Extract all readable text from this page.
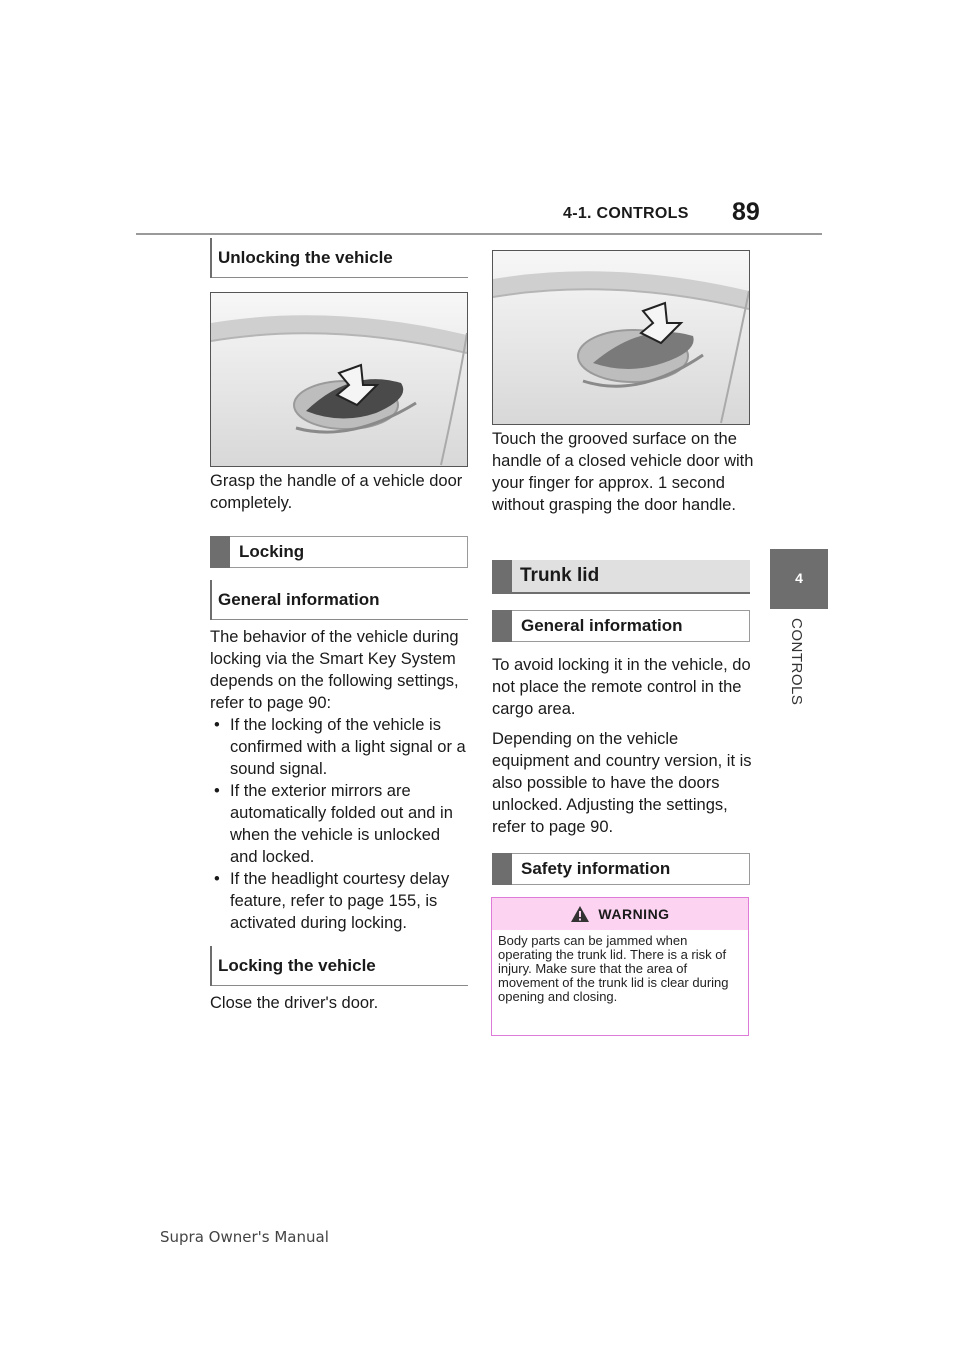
4-1. CONTROLS 89
4
CONTROLS
Unlocking the vehicle

Grasp the handle of a vehicle door completely.

Locking
General information

The behavior of the vehicle during locking via the Smart Key System depends on the following settings, refer to page 90:

• If the locking of the vehicle is confirmed with a light signal or a sound signal.
• If the exterior mirrors are automatically folded out and in when the vehicle is unlocked and locked.
• If the headlight courtesy delay feature, refer to page 155, is activated during locking.
Locking the vehicle

Close the driver's door.

Touch the grooved surface on the handle of a closed vehicle door with your finger for approx. 1 second without grasping the door handle.

Trunk lid
General information

To avoid locking it in the vehicle, do not place the remote control in the cargo area.

Depending on the vehicle equipment and country version, it is also possible to have the doors unlocked. Adjusting the settings, refer to page 90.

Safety information
WARNING
Body parts can be jammed when operating the trunk lid. There is a risk of injury. Make sure that the area of movement of the trunk lid is clear during opening and closing.
Supra Owner's Manual
